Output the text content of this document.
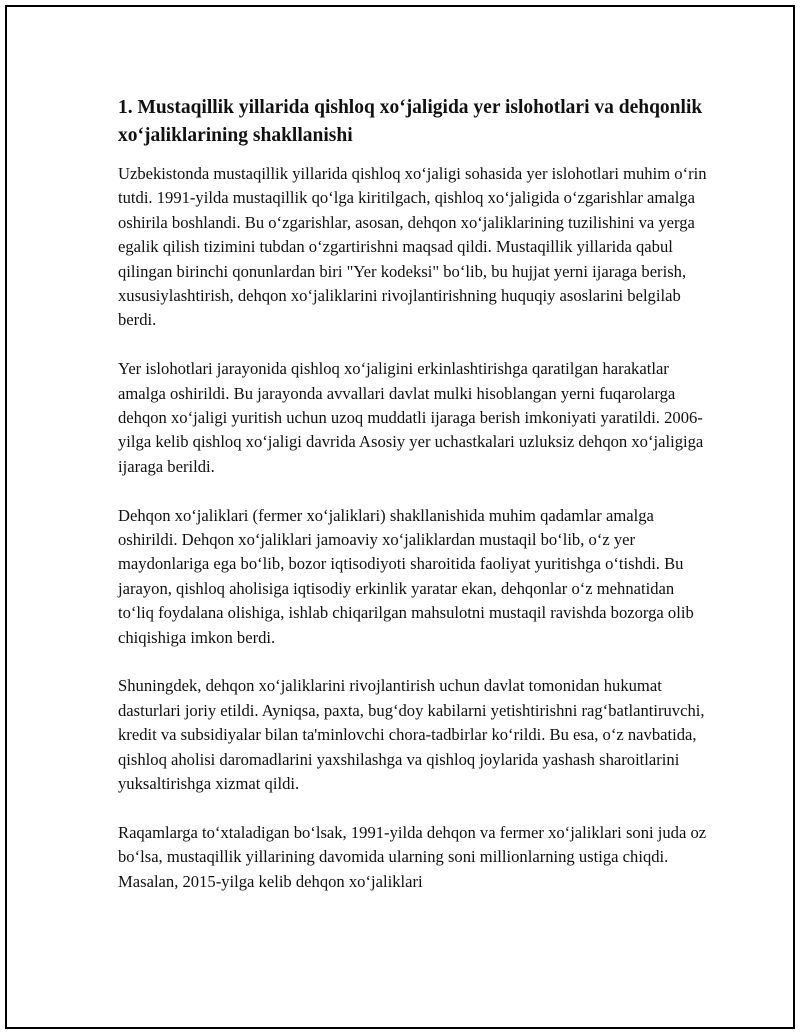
1. Mustaqillik yillarida qishloq xo‘jaligida yer islohotlari va dehqonlik xo‘jaliklarining shakllanishi

Uzbekistonda mustaqillik yillarida qishloq xo‘jaligi sohasida yer islohotlari muhim o‘rin tutdi. 1991-yilda mustaqillik qo‘lga kiritilgach, qishloq xo‘jaligida o‘zgarishlar amalga oshirila boshlandi. Bu o‘zgarishlar, asosan, dehqon xo‘jaliklarining tuzilishini va yerga egalik qilish tizimini tubdan o‘zgartirishni maqsad qildi. Mustaqillik yillarida qabul qilingan birinchi qonunlardan biri "Yer kodeksi" bo‘lib, bu hujjat yerni ijaraga berish, xususiylashtirish, dehqon xo‘jaliklarini rivojlantirishning huquqiy asoslarini belgilab berdi.

Yer islohotlari jarayonida qishloq xo‘jaligini erkinlashtirishga qaratilgan harakatlar amalga oshirildi. Bu jarayonda avvallari davlat mulki hisoblangan yerni fuqarolarga dehqon xo‘jaligi yuritish uchun uzoq muddatli ijaraga berish imkoniyati yaratildi. 2006-yilga kelib qishloq xo‘jaligi davrida Asosiy yer uchastkalari uzluksiz dehqon xo‘jaligiga ijaraga berildi.

Dehqon xo‘jaliklari (fermer xo‘jaliklari) shakllanishida muhim qadamlar amalga oshirildi. Dehqon xo‘jaliklari jamoaviy xo‘jaliklardan mustaqil bo‘lib, o‘z yer maydonlariga ega bo‘lib, bozor iqtisodiyoti sharoitida faoliyat yuritishga o‘tishdi. Bu jarayon, qishloq aholisiga iqtisodiy erkinlik yaratar ekan, dehqonlar o‘z mehnatidan to‘liq foydalana olishiga, ishlab chiqarilgan mahsulotni mustaqil ravishda bozorga olib chiqishiga imkon berdi.

Shuningdek, dehqon xo‘jaliklarini rivojlantirish uchun davlat tomonidan hukumat dasturlari joriy etildi. Ayniqsa, paxta, bug‘doy kabilarni yetishtirishni rag‘batlantiruvchi, kredit va subsidiyalar bilan ta'minlovchi chora-tadbirlar ko‘rildi. Bu esa, o‘z navbatida, qishloq aholisi daromadlarini yaxshilashga va qishloq joylarida yashash sharoitlarini yuksaltirishga xizmat qildi.

Raqamlarga to‘xtaladigan bo‘lsak, 1991-yilda dehqon va fermer xo‘jaliklari soni juda oz bo‘lsa, mustaqillik yillarining davomida ularning soni millionlarning ustiga chiqdi. Masalan, 2015-yilga kelib dehqon xo‘jaliklari
